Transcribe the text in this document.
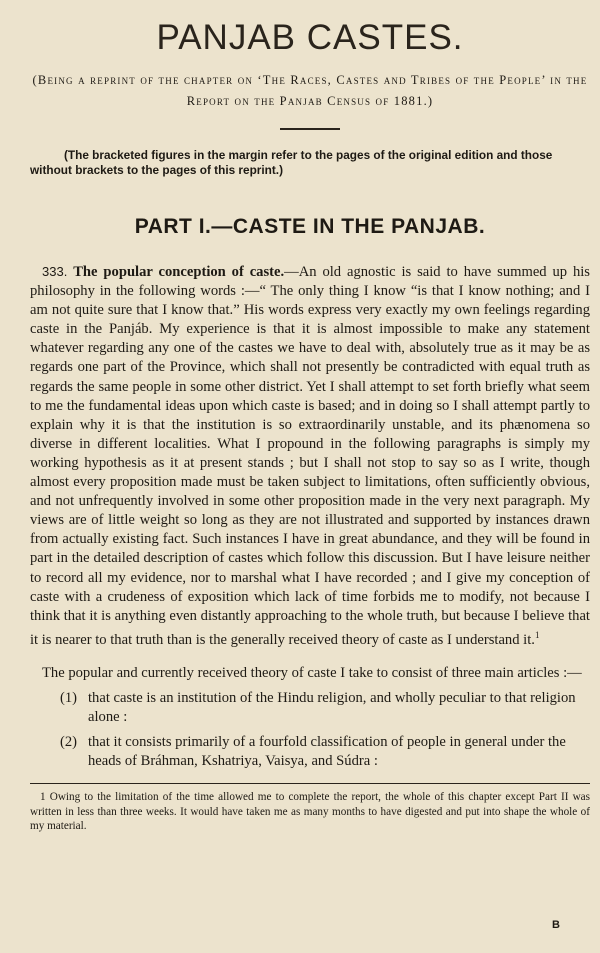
PANJAB CASTES.

(Being a reprint of the chapter on ‘The Races, Castes and Tribes of the People’ in the Report on the Panjab Census of 1881.)

(The bracketed figures in the margin refer to the pages of the original edition and those without brackets to the pages of this reprint.)

PART I.—CASTE IN THE PANJAB.

333. The popular conception of caste.—An old agnostic is said to have summed up his philosophy in the following words :—“ The only thing I know “is that I know nothing; and I am not quite sure that I know that.” His words express very exactly my own feelings regarding caste in the Panjáb. My experience is that it is almost impossible to make any statement whatever regarding any one of the castes we have to deal with, absolutely true as it may be as regards one part of the Province, which shall not presently be contradicted with equal truth as regards the same people in some other district. Yet I shall attempt to set forth briefly what seem to me the fundamental ideas upon which caste is based; and in doing so I shall attempt partly to explain why it is that the institution is so extraordinarily unstable, and its phænomena so diverse in different localities. What I propound in the following paragraphs is simply my working hypothesis as it at present stands ; but I shall not stop to say so as I write, though almost every proposition made must be taken subject to limitations, often sufficiently obvious, and not unfrequently involved in some other proposition made in the very next paragraph. My views are of little weight so long as they are not illustrated and supported by instances drawn from actually existing fact. Such instances I have in great abundance, and they will be found in part in the detailed description of castes which follow this discussion. But I have leisure neither to record all my evidence, nor to marshal what I have recorded ; and I give my conception of caste with a crudeness of exposition which lack of time forbids me to modify, not because I think that it is anything even distantly approaching to the whole truth, but because I believe that it is nearer to that truth than is the generally received theory of caste as I understand it.$^1$

The popular and currently received theory of caste I take to consist of three main articles :—

(1) that caste is an institution of the Hindu religion, and wholly peculiar to that religion alone :
(2) that it consists primarily of a fourfold classification of people in general under the heads of Bráhman, Kshatriya, Vaisya, and Súdra :

1 Owing to the limitation of the time allowed me to complete the report, the whole of this chapter except Part II was written in less than three weeks. It would have taken me as many months to have digested and put into shape the whole of my material.

B
